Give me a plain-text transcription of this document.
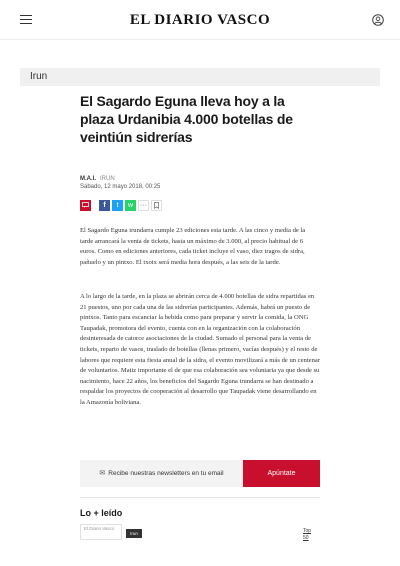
EL DIARIO VASCO
Irun
El Sagardo Eguna lleva hoy a la plaza Urdanibia 4.000 botellas de veintiún sidrerías
M.A.I. IRUN
Sábado, 12 mayo 2018, 00:25
f	t	w ···

El Sagardo Eguna irundarra cumple 23 ediciones esta tarde. A las cinco y media de la tarde arrancará la venta de tickets, hasta un máximo de 3.000, al precio habitual de 6 euros. Como en ediciones anteriores, cada ticket incluye el vaso, diez tragos de sidra, pañuelo y un pintxo. El txotx será media hora después, a las seis de la tarde.

A lo largo de la tarde, en la plaza se abrirán cerca de 4.000 botellas de sidra repartidas en 21 puestos, uno por cada una de las sidrerías participantes. Además, habrá un puesto de pintxos. Tanto para escanciar la bebida como para preparar y servir la comida, la ONG Taupadak, promotora del evento, cuenta con en la organización con la colaboración desinteresada de catorce asociaciones de la ciudad. Sumado el personal para la venta de tickets, reparto de vasos, traslado de botellas (llenas primero, vacías después) y el resto de labores que requiere esta fiesta anual de la sidra, el evento movilizará a más de un centenar de voluntarios. Matiz importante el de que esa colaboración sea voluntaria ya que desde su nacimiento, hace 22 años, los beneficios del Sagardo Eguna irundarra se han destinado a respaldar los proyectos de cooperación al desarrollo que Taupadak viene desarrollando en la Amazonía boliviana.

✉ Recibe nuestras newsletters en tu email	Apúntate
Lo + leído
El Diario Vasco
Irun	Top 50
